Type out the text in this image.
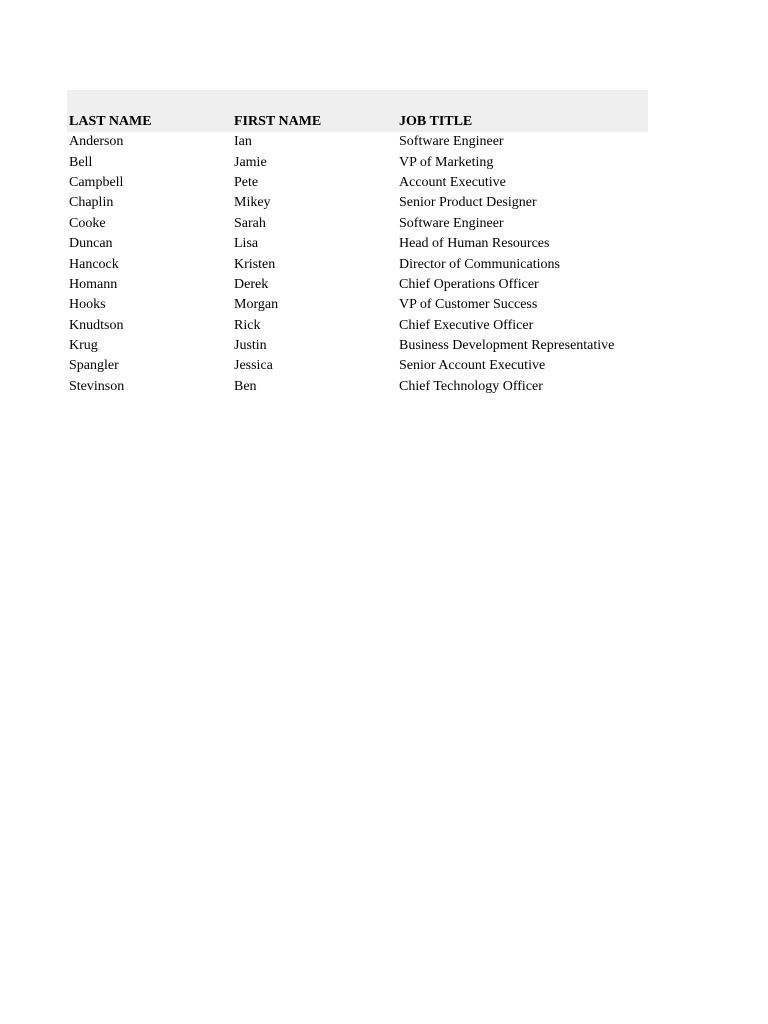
LAST NAME	FIRST NAME	JOB TITLE
Anderson	Ian	Software Engineer
Bell	Jamie	VP of Marketing
Campbell	Pete	Account Executive
Chaplin	Mikey	Senior Product Designer
Cooke	Sarah	Software Engineer
Duncan	Lisa	Head of Human Resources
Hancock	Kristen	Director of Communications
Homann	Derek	Chief Operations Officer
Hooks	Morgan	VP of Customer Success
Knudtson	Rick	Chief Executive Officer
Krug	Justin	Business Development Representative
Spangler	Jessica	Senior Account Executive
Stevinson	Ben	Chief Technology Officer
